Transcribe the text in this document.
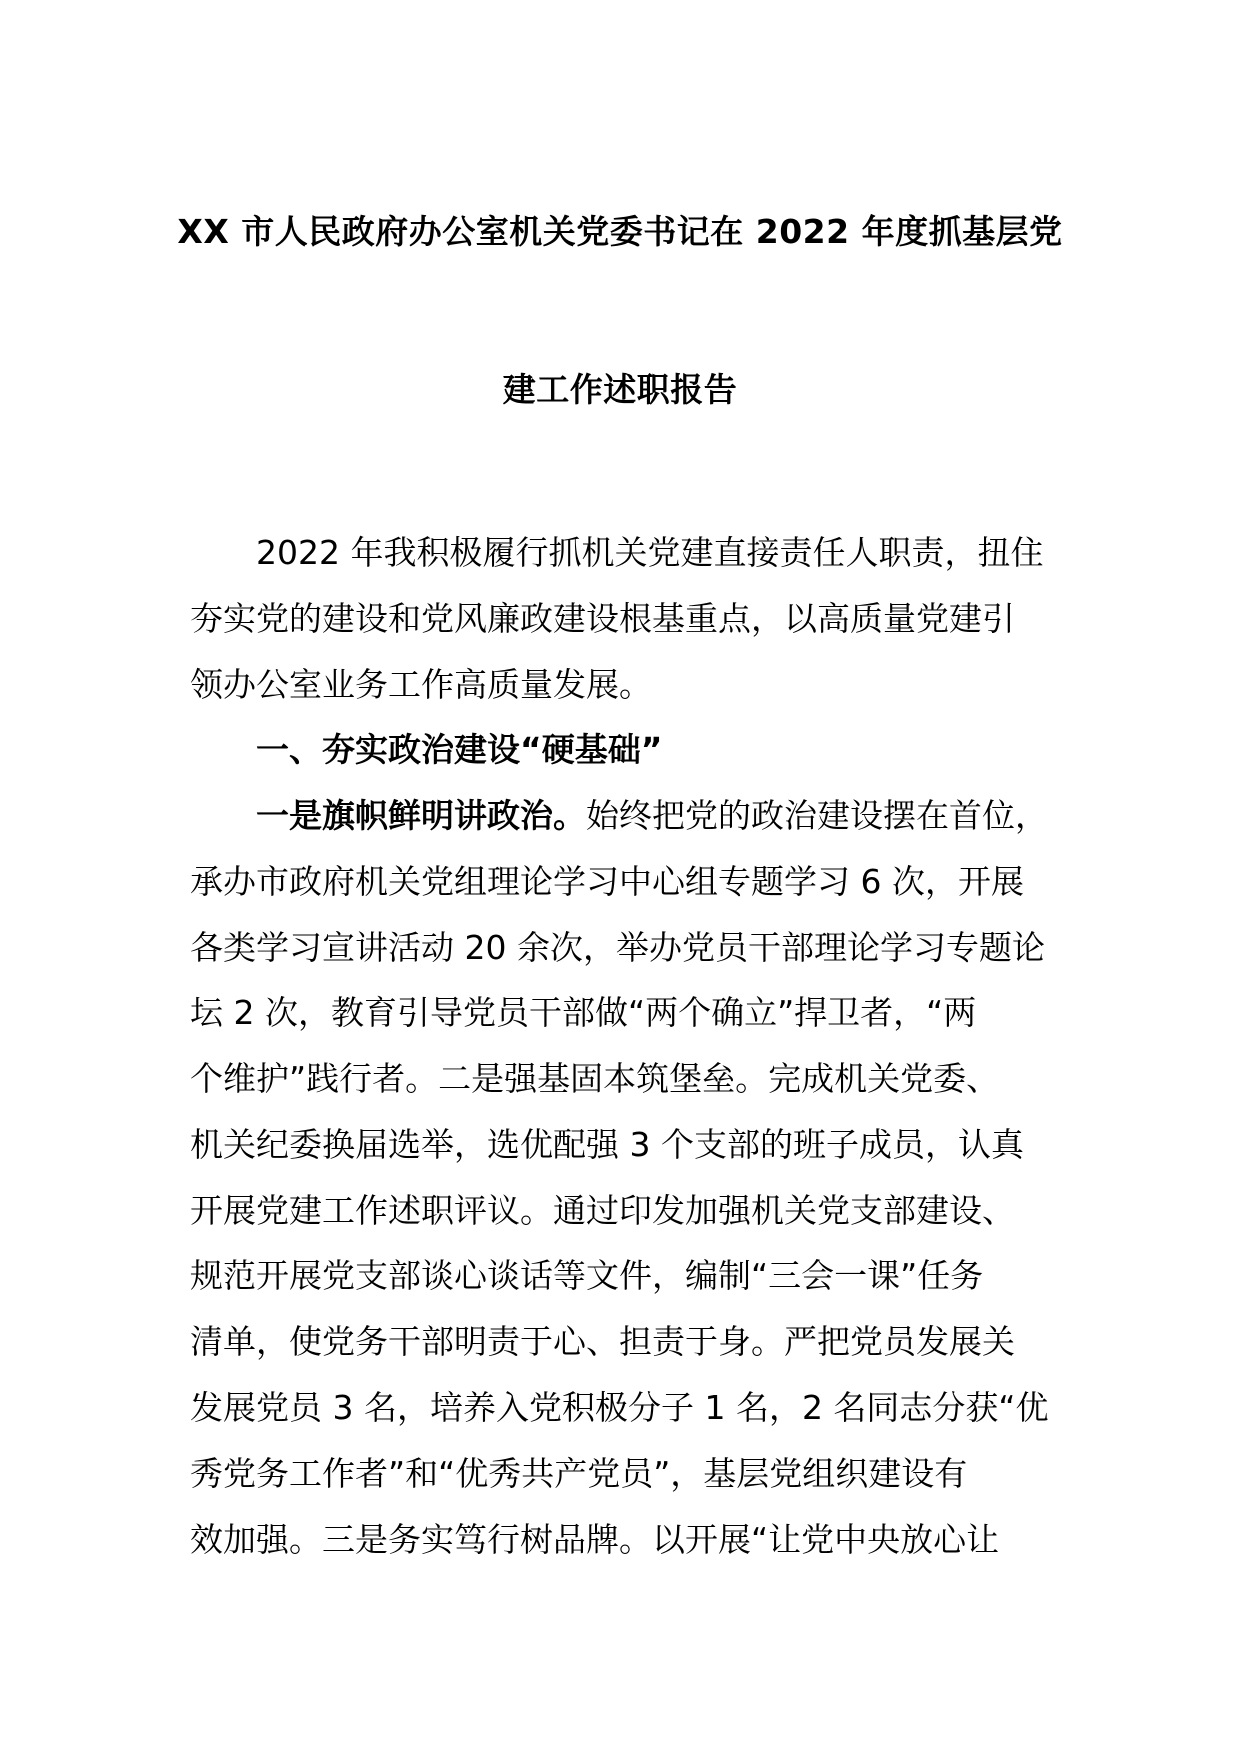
XX 市人民政府办公室机关党委书记在 2022 年度抓基层党
建工作述职报告
2022 年我积极履行抓机关党建直接责任人职责，扭住
夯实党的建设和党风廉政建设根基重点，以高质量党建引
领办公室业务工作高质量发展。
一、夯实政治建设“硬基础”
一是旗帜鲜明讲政治。始终把党的政治建设摆在首位，
承办市政府机关党组理论学习中心组专题学习 6 次，开展
各类学习宣讲活动 20 余次，举办党员干部理论学习专题论
坛 2 次，教育引导党员干部做“两个确立”捍卫者，“两
个维护”践行者。二是强基固本筑堡垒。完成机关党委、
机关纪委换届选举，选优配强 3 个支部的班子成员，认真
开展党建工作述职评议。通过印发加强机关党支部建设、
规范开展党支部谈心谈话等文件，编制“三会一课”任务
清单，使党务干部明责于心、担责于身。严把党员发展关
发展党员 3 名，培养入党积极分子 1 名，2 名同志分获“优
秀党务工作者”和“优秀共产党员”，基层党组织建设有
效加强。三是务实笃行树品牌。以开展“让党中央放心让
